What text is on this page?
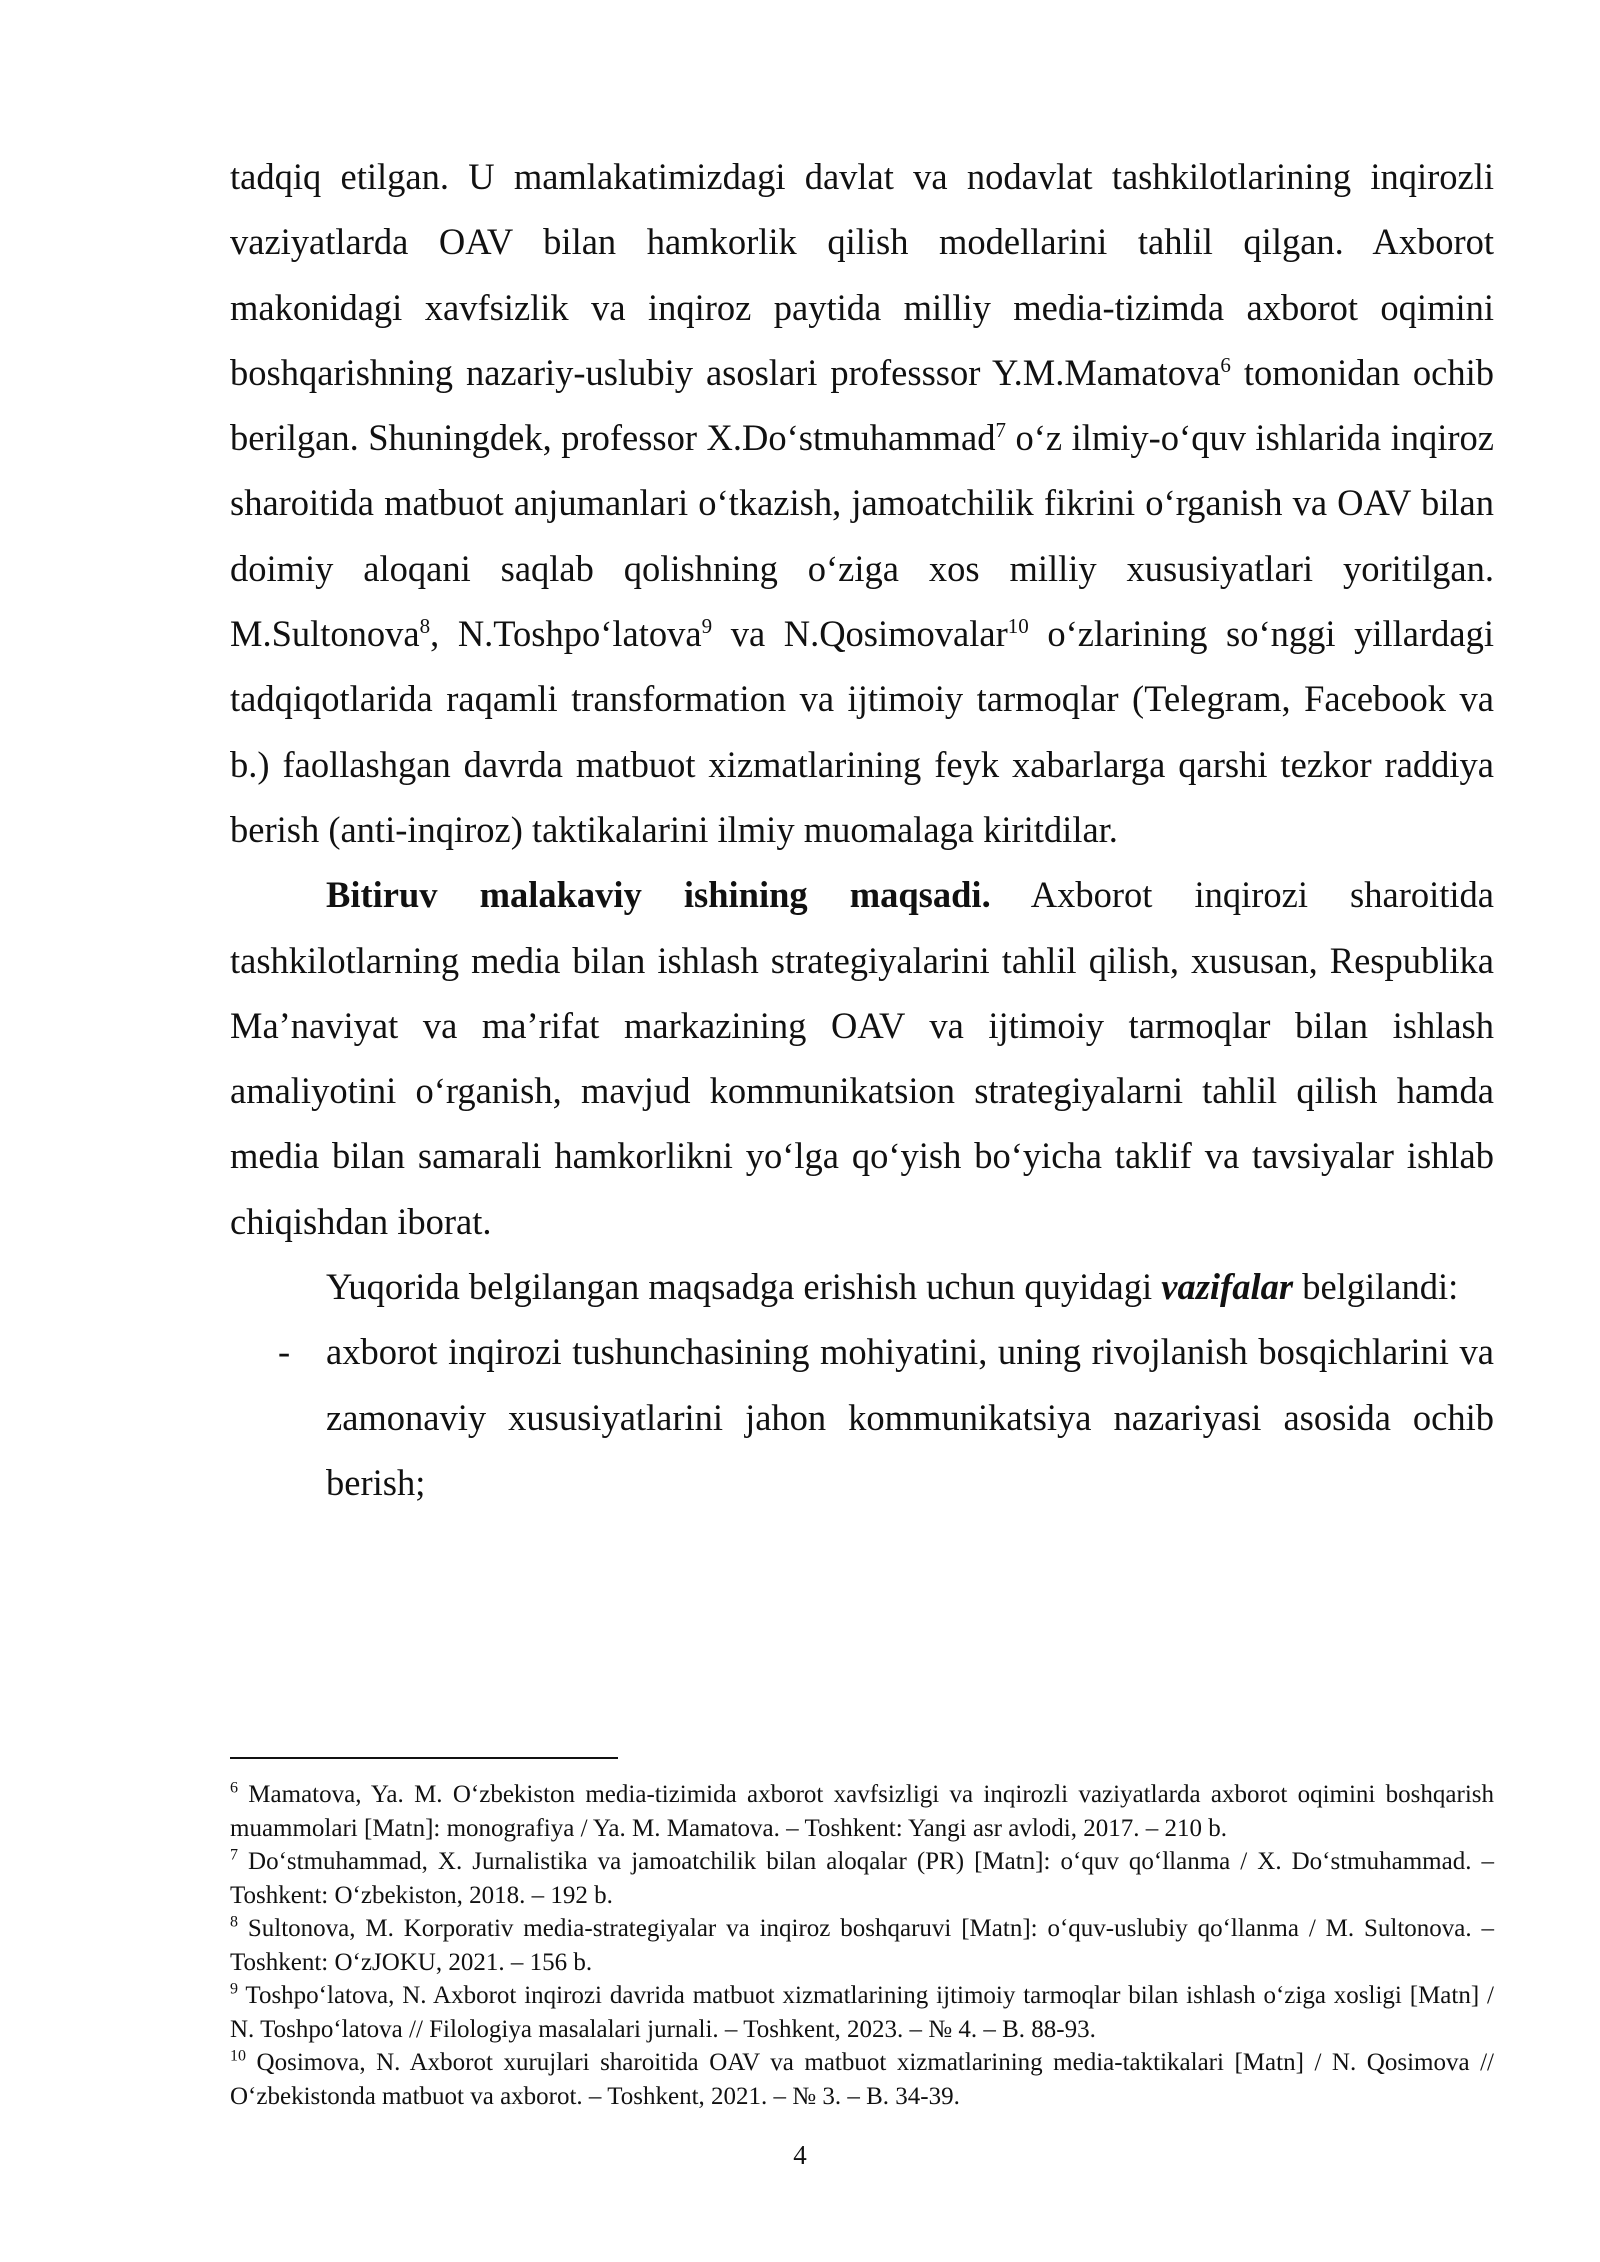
tadqiq etilgan. U mamlakatimizdagi davlat va nodavlat tashkilotlarining inqirozli vaziyatlarda OAV bilan hamkorlik qilish modellarini tahlil qilgan. Axborot makonidagi xavfsizlik va inqiroz paytida milliy media-tizimda axborot oqimini boshqarishning nazariy-uslubiy asoslari professsor Y.M.Mamatova$^6$ tomonidan ochib berilgan. Shuningdek, professor X.Do‘stmuhammad$^7$ o‘z ilmiy-o‘quv ishlarida inqiroz sharoitida matbuot anjumanlari o‘tkazish, jamoatchilik fikrini o‘rganish va OAV bilan doimiy aloqani saqlab qolishning o‘ziga xos milliy xususiyatlari yoritilgan. M.Sultonova$^8$, N.Toshpo‘latova$^9$ va N.Qosimovalar$^{10}$ o‘zlarining so‘nggi yillardagi tadqiqotlarida raqamli transformation va ijtimoiy tarmoqlar (Telegram, Facebook va b.) faollashgan davrda matbuot xizmatlarining feyk xabarlarga qarshi tezkor raddiya berish (anti-inqiroz) taktikalarini ilmiy muomalaga kiritdilar.

Bitiruv malakaviy ishining maqsadi. Axborot inqirozi sharoitida tashkilotlarning media bilan ishlash strategiyalarini tahlil qilish, xususan, Respublika Ma’naviyat va ma’rifat markazining OAV va ijtimoiy tarmoqlar bilan ishlash amaliyotini o‘rganish, mavjud kommunikatsion strategiyalarni tahlil qilish hamda media bilan samarali hamkorlikni yo‘lga qo‘yish bo‘yicha taklif va tavsiyalar ishlab chiqishdan iborat.

Yuqorida belgilangan maqsadga erishish uchun quyidagi vazifalar belgilandi:

- axborot inqirozi tushunchasining mohiyatini, uning rivojlanish bosqichlarini va zamonaviy xususiyatlarini jahon kommunikatsiya nazariyasi asosida ochib berish;

$^6$ Mamatova, Ya. M. O‘zbekiston media-tizimida axborot xavfsizligi va inqirozli vaziyatlarda axborot oqimini boshqarish muammolari [Matn]: monografiya / Ya. M. Mamatova. – Toshkent: Yangi asr avlodi, 2017. – 210 b.

$^7$ Do‘stmuhammad, X. Jurnalistika va jamoatchilik bilan aloqalar (PR) [Matn]: o‘quv qo‘llanma / X. Do‘stmuhammad. – Toshkent: O‘zbekiston, 2018. – 192 b.

$^8$ Sultonova, M. Korporativ media-strategiyalar va inqiroz boshqaruvi [Matn]: o‘quv-uslubiy qo‘llanma / M. Sultonova. – Toshkent: O‘zJOKU, 2021. – 156 b.

$^9$ Toshpo‘latova, N. Axborot inqirozi davrida matbuot xizmatlarining ijtimoiy tarmoqlar bilan ishlash o‘ziga xosligi [Matn] / N. Toshpo‘latova // Filologiya masalalari jurnali. – Toshkent, 2023. – № 4. – B. 88-93.

$^{10}$ Qosimova, N. Axborot xurujlari sharoitida OAV va matbuot xizmatlarining media-taktikalari [Matn] / N. Qosimova // O‘zbekistonda matbuot va axborot. – Toshkent, 2021. – № 3. – B. 34-39.

4
